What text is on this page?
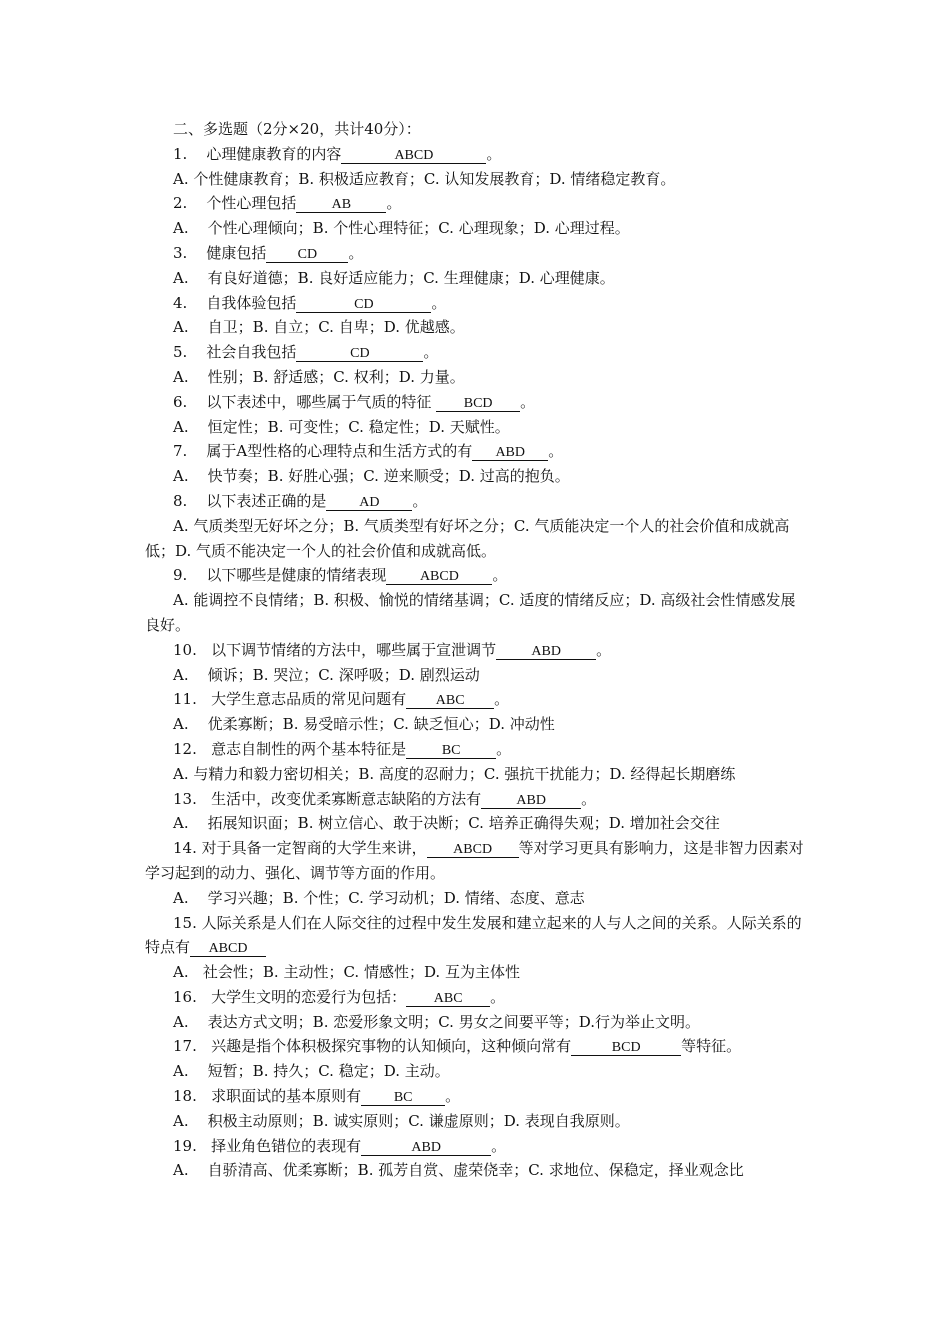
二、多选题（2分×20，共计40分）：
1.    心理健康教育的内容	ABCD	。
A. 个性健康教育；B. 积极适应教育；C. 认知发展教育；D. 情绪稳定教育。
2.    个性心理包括	AB 。
A.    个性心理倾向；B. 个性心理特征；C. 心理现象；D. 心理过程。
3.    健康包括 CD 。
A.    有良好道德；B. 良好适应能力；C. 生理健康；D. 心理健康。
4.    自我体验包括	CD	。
A.    自卫；B. 自立；C. 自卑；D. 优越感。
5.    社会自我包括	CD	。
A.    性别；B. 舒适感；C. 权利；D. 力量。
6.    以下表述中，哪些属于气质的特征 BCD 。
A.    恒定性；B. 可变性；C. 稳定性；D. 天赋性。
7.    属于A型性格的心理特点和生活方式的有 ABD 。
A.    快节奏；B. 好胜心强；C. 逆来顺受；D. 过高的抱负。
8.    以下表述正确的是 AD 。
A. 气质类型无好坏之分；B. 气质类型有好坏之分；C. 气质能决定一个人的社会价值和成就高低；D. 气质不能决定一个人的社会价值和成就高低。
9.    以下哪些是健康的情绪表现 ABCD 。
A. 能调控不良情绪；B. 积极、愉悦的情绪基调；C. 适度的情绪反应；D. 高级社会性情感发展良好。
10.   以下调节情绪的方法中，哪些属于宣泄调节	ABD 。
A.    倾诉；B. 哭泣；C. 深呼吸；D. 剧烈运动
11.   大学生意志品质的常见问题有 ABC 。
A.    优柔寡断；B. 易受暗示性；C. 缺乏恒心；D. 冲动性
12.   意志自制性的两个基本特征是	BC 。
A. 与精力和毅力密切相关；B. 高度的忍耐力；C. 强抗干扰能力；D. 经得起长期磨练
13.   生活中，改变优柔寡断意志缺陷的方法有	ABD 。
A.    拓展知识面；B. 树立信心、敢于决断；C. 培养正确得失观；D. 增加社会交往
14. 对于具备一定智商的大学生来讲， ABCD 等对学习更具有影响力，这是非智力因素对学习起到的动力、强化、调节等方面的作用。
A.    学习兴趣；B. 个性；C. 学习动机；D. 情绪、态度、意志
15. 人际关系是人们在人际交往的过程中发生发展和建立起来的人与人之间的关系。人际关系的特点有 ABCD
A.   社会性；B. 主动性；C. 情感性；D. 互为主体性
16.   大学生文明的恋爱行为包括： ABC 。
A.    表达方式文明；B. 恋爱形象文明；C. 男女之间要平等；D.行为举止文明。
17.   兴趣是指个体积极探究事物的认知倾向，这种倾向常有	BCD	等特征。
A.    短暂；B. 持久；C. 稳定；D. 主动。
18.   求职面试的基本原则有 BC 。
A.    积极主动原则；B. 诚实原则；C. 谦虚原则；D. 表现自我原则。
19.   择业角色错位的表现有	ABD	。
A.    自骄清高、优柔寡断；B. 孤芳自赏、虚荣侥幸；C. 求地位、保稳定，择业观念比
